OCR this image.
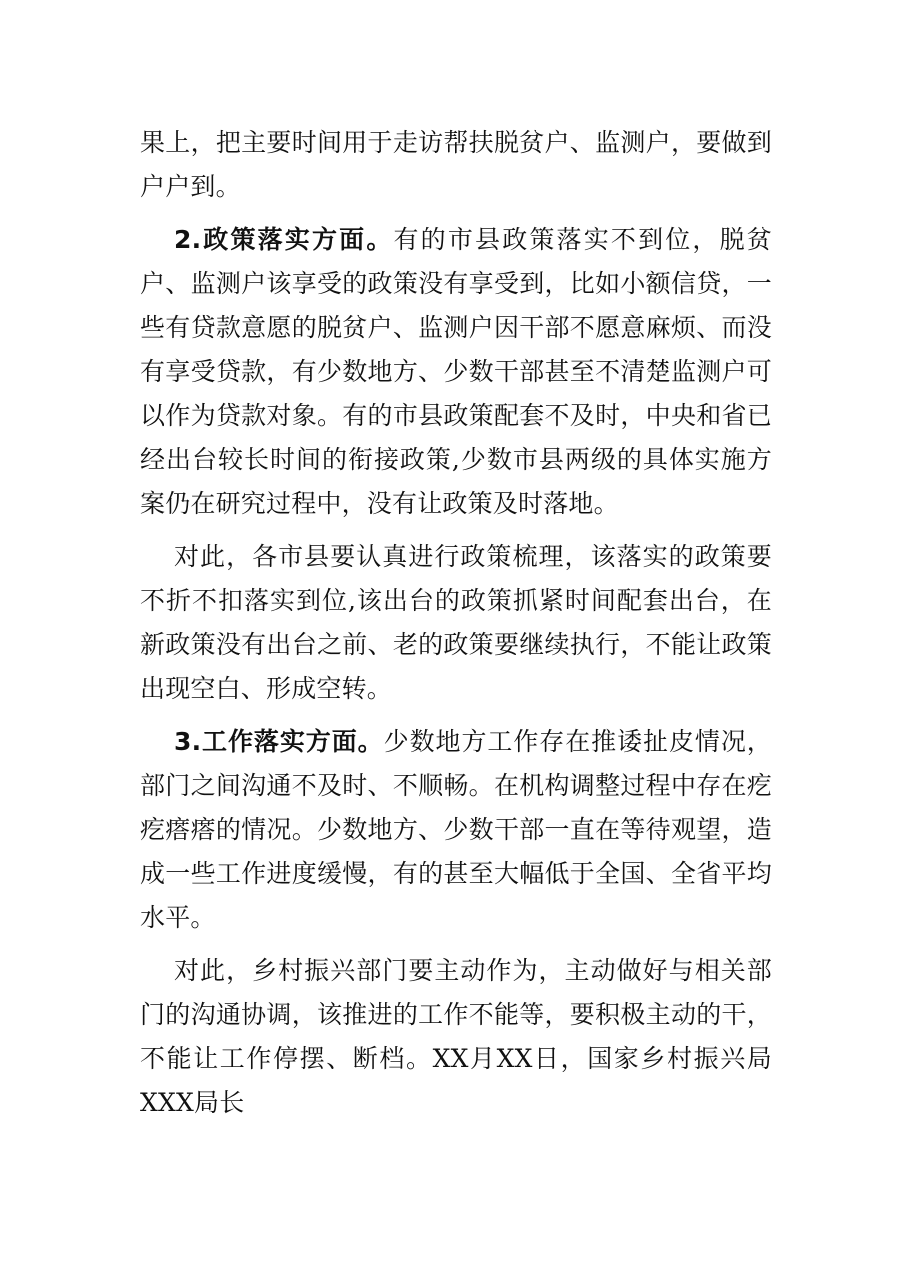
果上，把主要时间用于走访帮扶脱贫户、监测户，要做到户户到。

2.政策落实方面。有的市县政策落实不到位，脱贫户、监测户该享受的政策没有享受到，比如小额信贷，一些有贷款意愿的脱贫户、监测户因干部不愿意麻烦、而没有享受贷款，有少数地方、少数干部甚至不清楚监测户可以作为贷款对象。有的市县政策配套不及时，中央和省已经出台较长时间的衔接政策,少数市县两级的具体实施方案仍在研究过程中，没有让政策及时落地。

对此，各市县要认真进行政策梳理，该落实的政策要不折不扣落实到位,该出台的政策抓紧时间配套出台，在新政策没有出台之前、老的政策要继续执行，不能让政策出现空白、形成空转。

3.工作落实方面。少数地方工作存在推诿扯皮情况，部门之间沟通不及时、不顺畅。在机构调整过程中存在疙疙瘩瘩的情况。少数地方、少数干部一直在等待观望，造成一些工作进度缓慢，有的甚至大幅低于全国、全省平均水平。

对此，乡村振兴部门要主动作为，主动做好与相关部门的沟通协调，该推进的工作不能等，要积极主动的干，不能让工作停摆、断档。XX月XX日，国家乡村振兴局XXX局长
